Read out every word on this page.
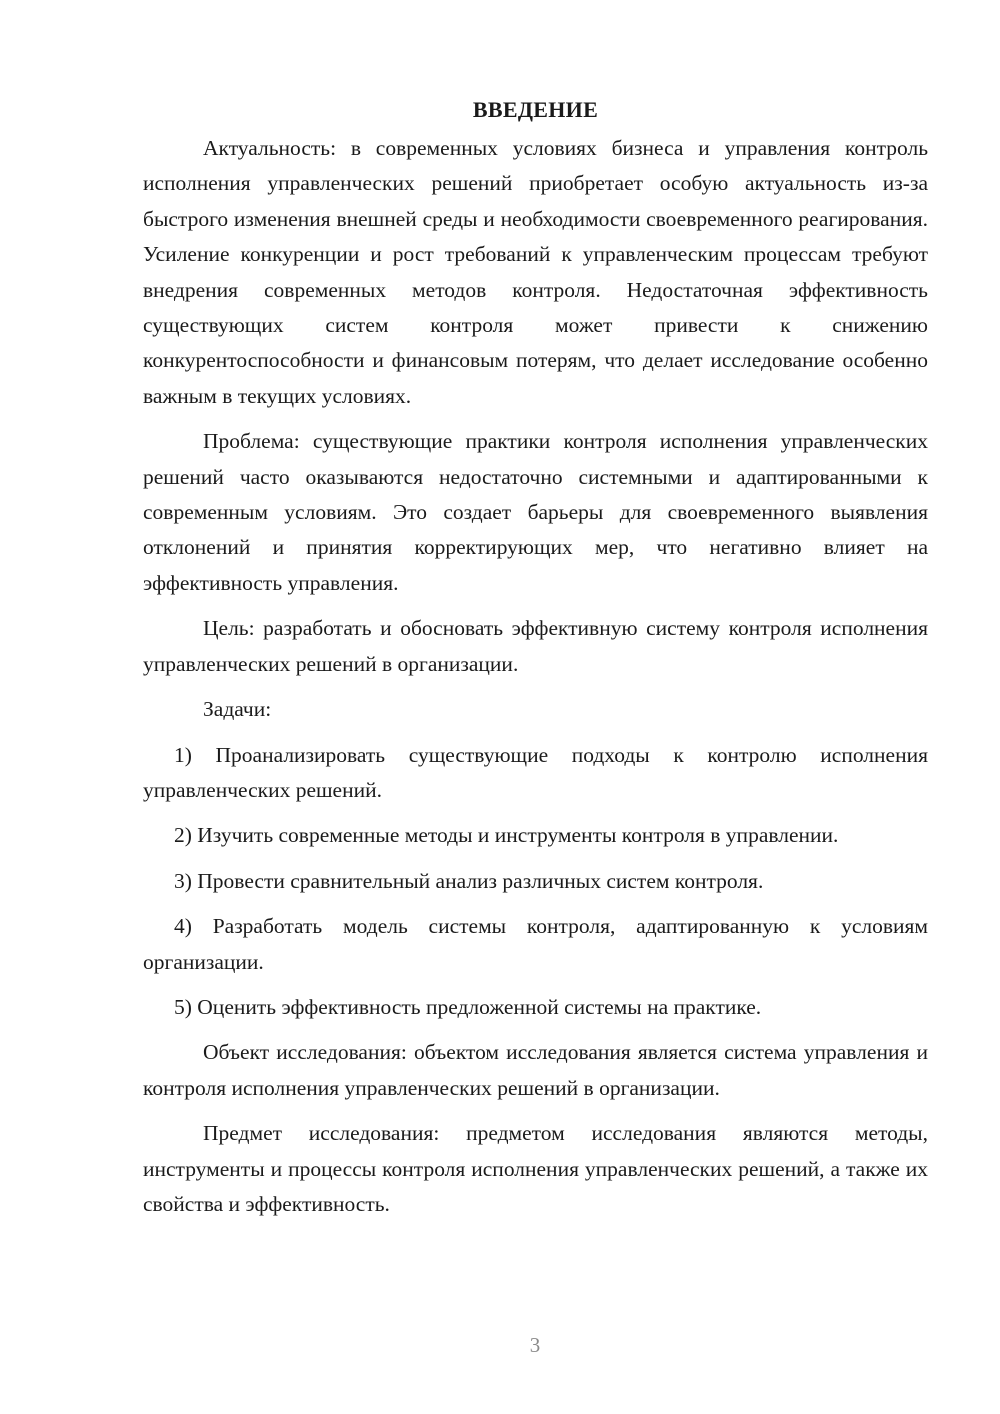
ВВЕДЕНИЕ

Актуальность: в современных условиях бизнеса и управления контроль исполнения управленческих решений приобретает особую актуальность из-за быстрого изменения внешней среды и необходимости своевременного реагирования. Усиление конкуренции и рост требований к управленческим процессам требуют внедрения современных методов контроля. Недостаточная эффективность существующих систем контроля может привести к снижению конкурентоспособности и финансовым потерям, что делает исследование особенно важным в текущих условиях.

Проблема: существующие практики контроля исполнения управленческих решений часто оказываются недостаточно системными и адаптированными к современным условиям. Это создает барьеры для своевременного выявления отклонений и принятия корректирующих мер, что негативно влияет на эффективность управления.

Цель: разработать и обосновать эффективную систему контроля исполнения управленческих решений в организации.

Задачи:

1) Проанализировать существующие подходы к контролю исполнения управленческих решений.

2) Изучить современные методы и инструменты контроля в управлении.

3) Провести сравнительный анализ различных систем контроля.

4) Разработать модель системы контроля, адаптированную к условиям организации.

5) Оценить эффективность предложенной системы на практике.

Объект исследования: объектом исследования является система управления и контроля исполнения управленческих решений в организации.

Предмет исследования: предметом исследования являются методы, инструменты и процессы контроля исполнения управленческих решений, а также их свойства и эффективность.

3
